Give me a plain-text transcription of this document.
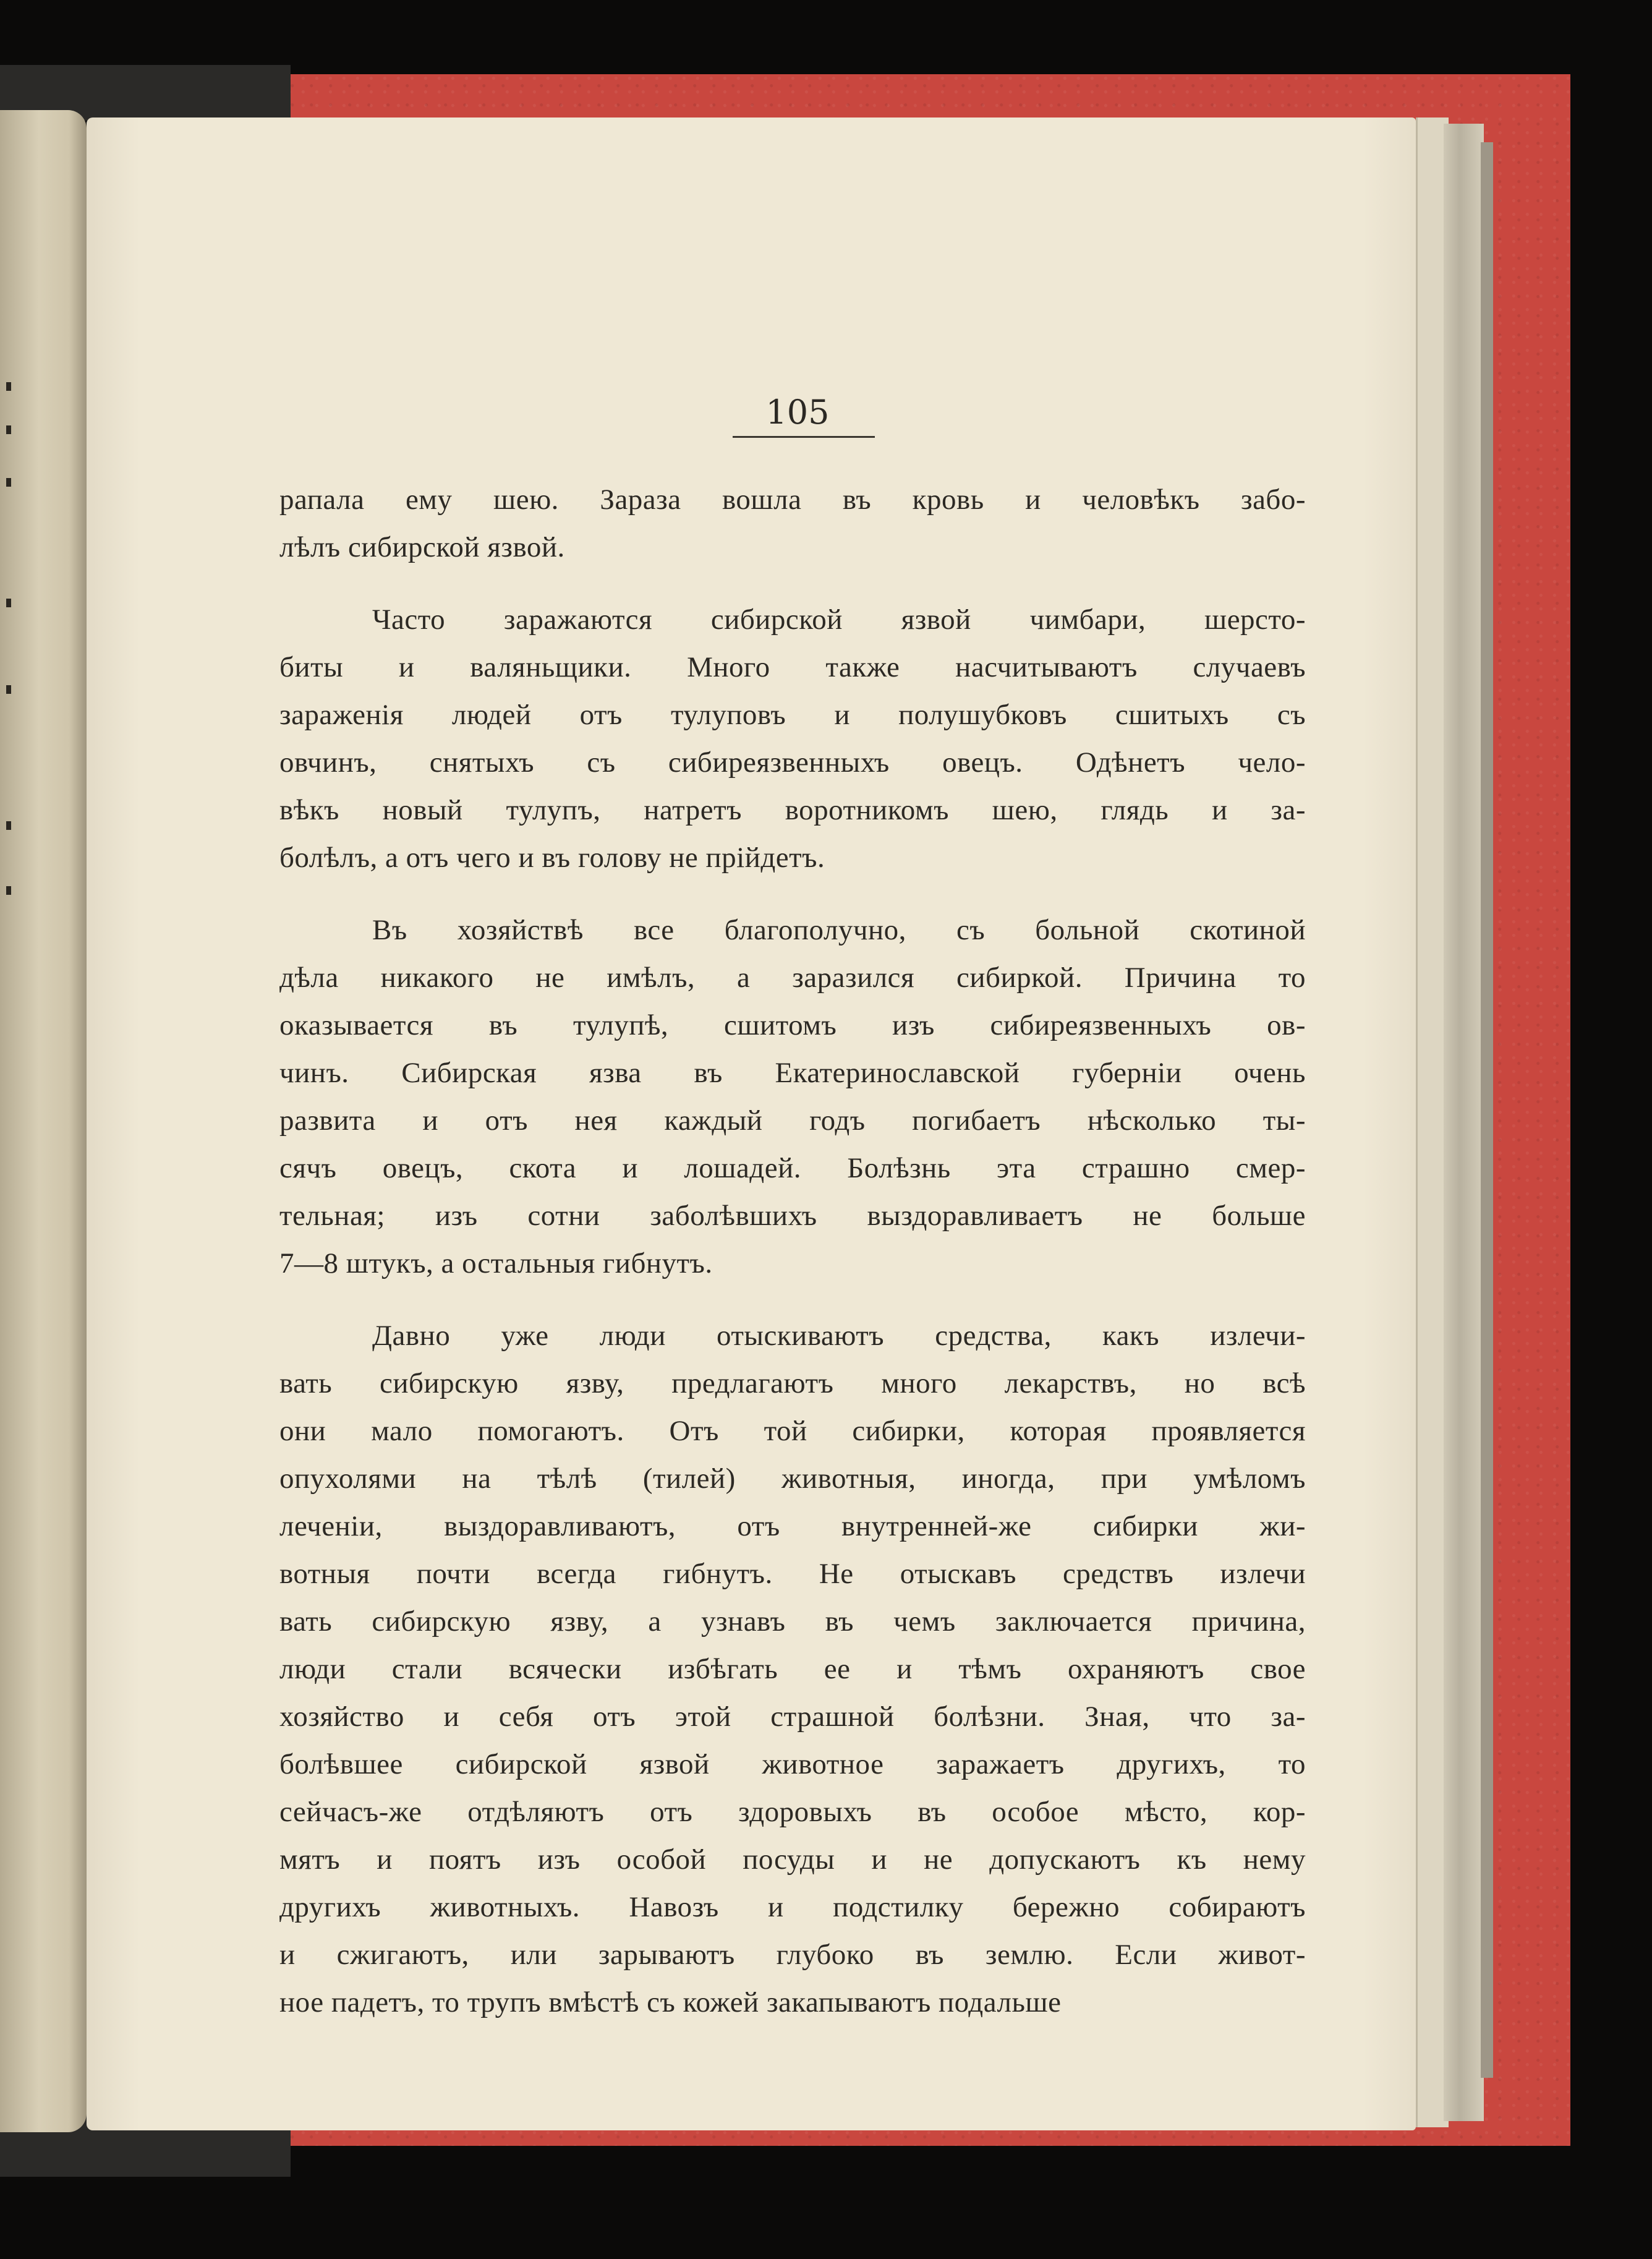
105
рапала ему шею. Зараза вошла въ кровь и человѣкъ забо-
лѣлъ сибирской язвой.
Часто заражаются сибирской язвой чимбари, шерсто-
биты и валяньщики. Много также насчитываютъ случаевъ
зараженія людей отъ тулуповъ и полушубковъ сшитыхъ съ
овчинъ, снятыхъ съ сибиреязвенныхъ овецъ. Одѣнетъ чело-
вѣкъ новый тулупъ, натретъ воротникомъ шею, глядь и за-
болѣлъ, а отъ чего и въ голову не прійдетъ.
Въ хозяйствѣ все благополучно, съ больной скотиной
дѣла никакого не имѣлъ, а заразился сибиркой. Причина то
оказывается въ тулупѣ, сшитомъ изъ сибиреязвенныхъ ов-
чинъ. Сибирская язва въ Екатеринославской губерніи очень
развита и отъ нея каждый годъ погибаетъ нѣсколько ты-
сячъ овецъ, скота и лошадей. Болѣзнь эта страшно смер-
тельная; изъ сотни заболѣвшихъ выздоравливаетъ не больше
7—8 штукъ, а остальныя гибнутъ.
Давно уже люди отыскиваютъ средства, какъ излечи-
вать сибирскую язву, предлагаютъ много лекарствъ, но всѣ
они мало помогаютъ. Отъ той сибирки, которая проявляется
опухолями на тѣлѣ (тилей) животныя, иногда, при умѣломъ
леченіи, выздоравливаютъ, отъ внутренней-же сибирки жи-
вотныя почти всегда гибнутъ. Не отыскавъ средствъ излечи
вать сибирскую язву, а узнавъ въ чемъ заключается причина,
люди стали всячески избѣгать ее и тѣмъ охраняютъ свое
хозяйство и себя отъ этой страшной болѣзни. Зная, что за-
болѣвшее сибирской язвой животное заражаетъ другихъ, то
сейчасъ-же отдѣляютъ отъ здоровыхъ въ особое мѣсто, кор-
мятъ и поятъ изъ особой посуды и не допускаютъ къ нему
другихъ животныхъ. Навозъ и подстилку бережно собираютъ
и сжигаютъ, или зарываютъ глубоко въ землю. Если живот-
ное падетъ, то трупъ вмѣстѣ съ кожей закапываютъ подальше
